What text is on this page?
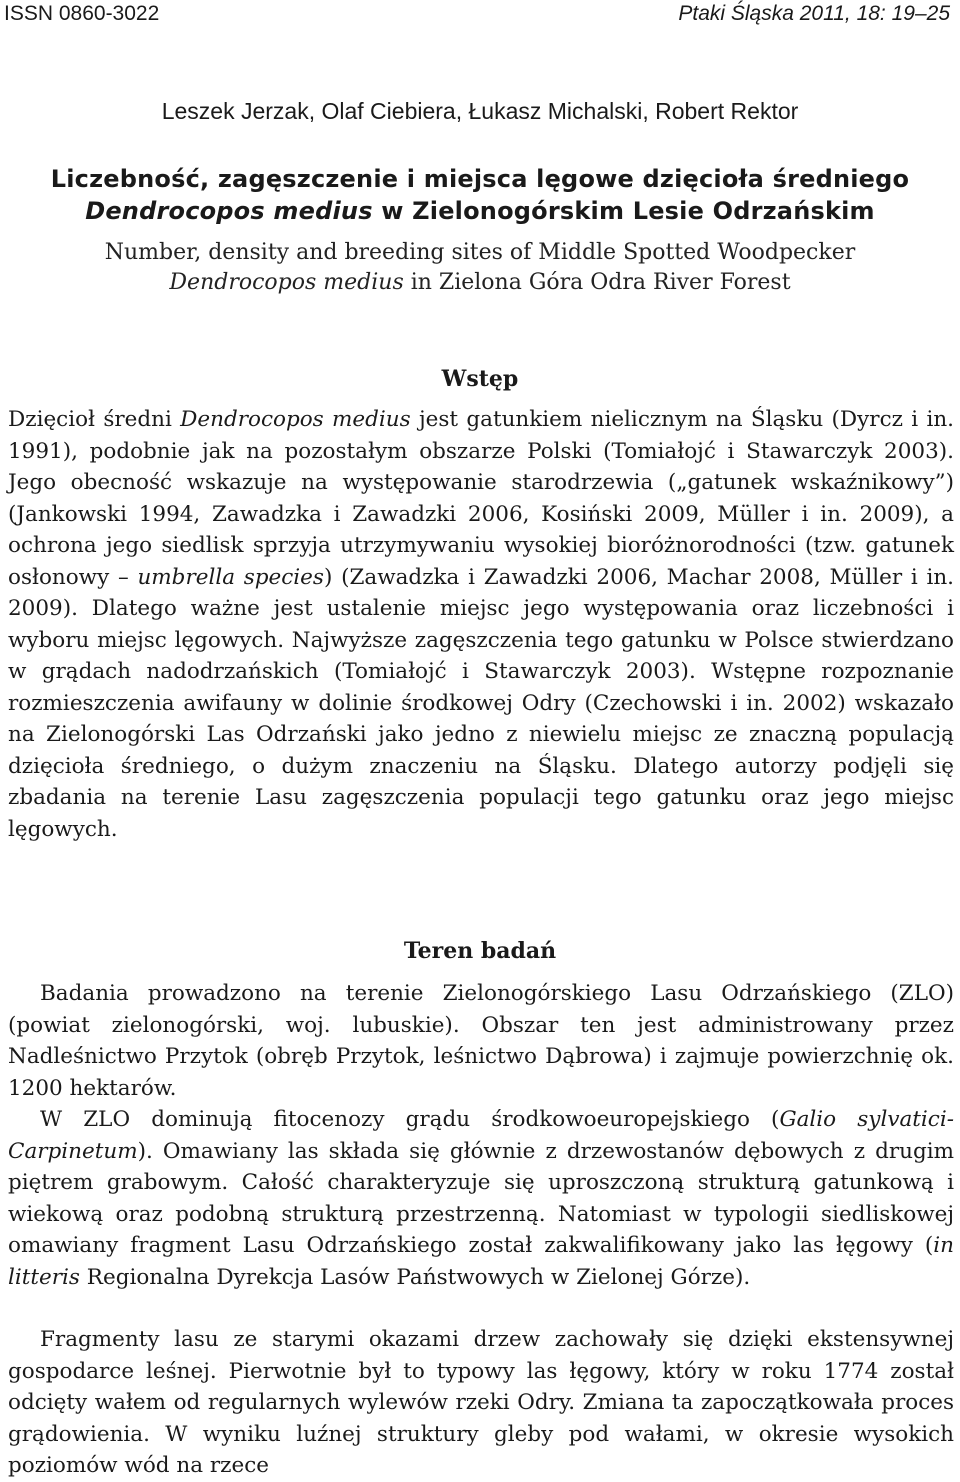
ISSN 0860-3022	Ptaki Śląska 2011, 18: 19–25
Leszek Jerzak, Olaf Ciebiera, Łukasz Michalski, Robert Rektor
Liczebność, zagęszczenie i miejsca lęgowe dzięcioła średniego
Dendrocopos medius w Zielonogórskim Lesie Odrzańskim
Number, density and breeding sites of Middle Spotted Woodpecker
Dendrocopos medius in Zielona Góra Odra River Forest
Wstęp
Dzięcioł średni Dendrocopos medius jest gatunkiem nielicznym na Śląsku (Dyrcz i in. 1991), podobnie jak na pozostałym obszarze Polski (Tomiałojć i Stawarczyk 2003). Jego obecność wskazuje na występowanie starodrzewia („gatunek wskaźnikowy”) (Jankowski 1994, Zawadzka i Zawadzki 2006, Kosiński 2009, Müller i in. 2009), a ochrona jego siedlisk sprzyja utrzymywaniu wysokiej bioróżnorodności (tzw. gatunek osłonowy – umbrella species) (Zawadzka i Zawadzki 2006, Machar 2008, Müller i in. 2009). Dlatego ważne jest ustalenie miejsc jego występowania oraz liczebności i wyboru miejsc lęgowych. Najwyższe zagęszczenia tego gatunku w Polsce stwierdzano w grądach nadodrzańskich (Tomiałojć i Stawarczyk 2003). Wstępne rozpoznanie rozmieszczenia awifauny w dolinie środkowej Odry (Czechowski i in. 2002) wskazało na Zielonogórski Las Odrzański jako jedno z niewielu miejsc ze znaczną populacją dzięcioła średniego, o dużym znaczeniu na Śląsku. Dlatego autorzy podjęli się zbadania na terenie Lasu zagęszczenia populacji tego gatunku oraz jego miejsc lęgowych.
Teren badań
Badania prowadzono na terenie Zielonogórskiego Lasu Odrzańskiego (ZLO) (powiat zielonogórski, woj. lubuskie). Obszar ten jest administrowany przez Nadleśnictwo Przytok (obręb Przytok, leśnictwo Dąbrowa) i zajmuje powierzchnię ok. 1200 hektarów.
W ZLO dominują fitocenozy grądu środkowoeuropejskiego (Galio sylvatici-Carpinetum). Omawiany las składa się głównie z drzewostanów dębowych z drugim piętrem grabowym. Całość charakteryzuje się uproszczoną strukturą gatunkową i wiekową oraz podobną strukturą przestrzenną. Natomiast w typologii siedliskowej omawiany fragment Lasu Odrzańskiego został zakwalifikowany jako las łęgowy (in litteris Regionalna Dyrekcja Lasów Państwowych w Zielonej Górze).
Fragmenty lasu ze starymi okazami drzew zachowały się dzięki ekstensywnej gospodarce leśnej. Pierwotnie był to typowy las łęgowy, który w roku 1774 został odcięty wałem od regularnych wylewów rzeki Odry. Zmiana ta zapoczątkowała proces grądowienia. W wyniku luźnej struktury gleby pod wałami, w okresie wysokich poziomów wód na rzece
